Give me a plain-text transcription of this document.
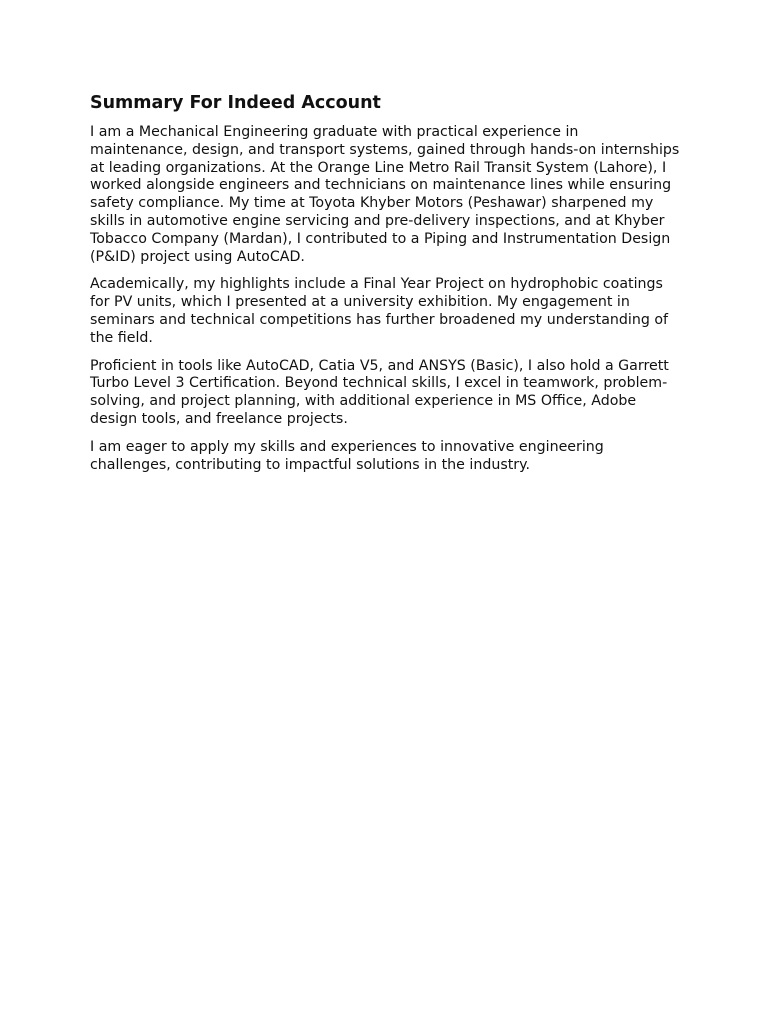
Summary For Indeed Account

I am a Mechanical Engineering graduate with practical experience in maintenance, design, and transport systems, gained through hands-on internships at leading organizations. At the Orange Line Metro Rail Transit System (Lahore), I worked alongside engineers and technicians on maintenance lines while ensuring safety compliance. My time at Toyota Khyber Motors (Peshawar) sharpened my skills in automotive engine servicing and pre-delivery inspections, and at Khyber Tobacco Company (Mardan), I contributed to a Piping and Instrumentation Design (P&ID) project using AutoCAD.

Academically, my highlights include a Final Year Project on hydrophobic coatings for PV units, which I presented at a university exhibition. My engagement in seminars and technical competitions has further broadened my understanding of the field.

Proficient in tools like AutoCAD, Catia V5, and ANSYS (Basic), I also hold a Garrett Turbo Level 3 Certification. Beyond technical skills, I excel in teamwork, problem-solving, and project planning, with additional experience in MS Office, Adobe design tools, and freelance projects.

I am eager to apply my skills and experiences to innovative engineering challenges, contributing to impactful solutions in the industry.
